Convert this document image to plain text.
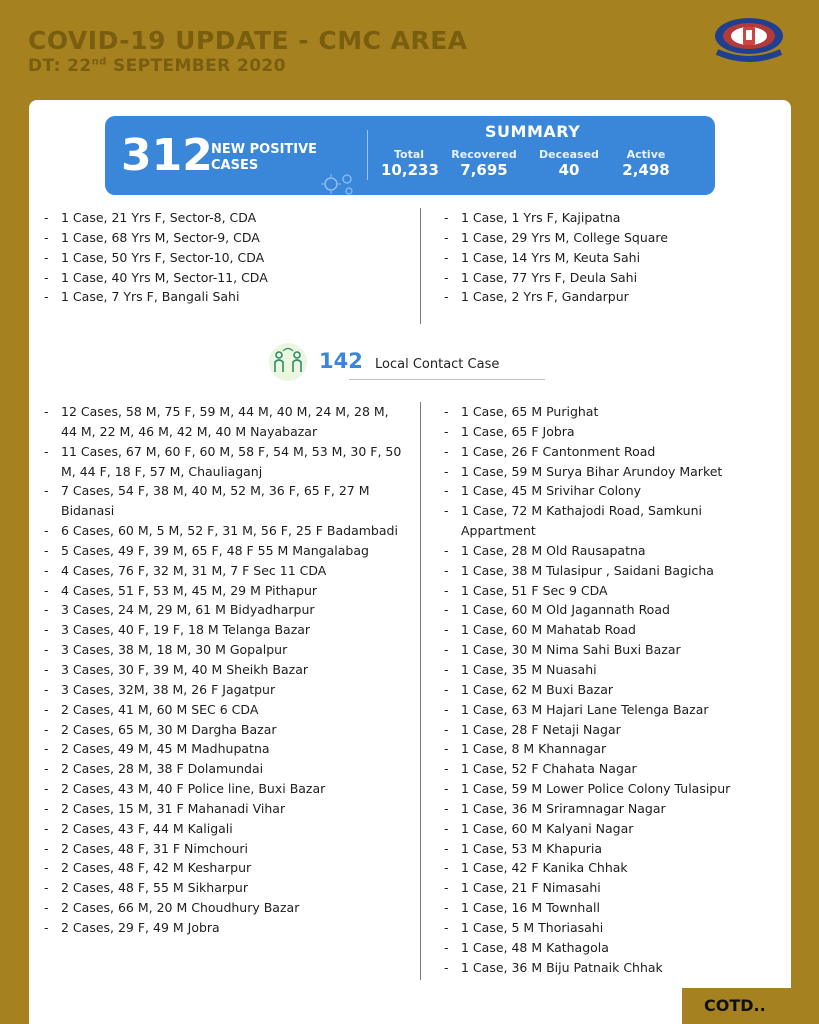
COVID-19 UPDATE - CMC AREA
DT: 22nd SEPTEMBER 2020
312
NEW POSITIVE
CASES
SUMMARY
Total
10,233
Recovered
7,695
Deceased
40
Active
2,498
- 1 Case, 21 Yrs F, Sector-8, CDA
- 1 Case, 68 Yrs M, Sector-9, CDA
- 1 Case, 50 Yrs F, Sector-10, CDA
- 1 Case, 40 Yrs M, Sector-11, CDA
- 1 Case, 7 Yrs F, Bangali Sahi
- 1 Case, 1 Yrs F, Kajipatna
- 1 Case, 29 Yrs M, College Square
- 1 Case, 14 Yrs M, Keuta Sahi
- 1 Case, 77 Yrs F, Deula Sahi
- 1 Case, 2 Yrs F, Gandarpur
142 Local Contact Case
- 12 Cases, 58 M, 75 F, 59 M, 44 M, 40 M, 24 M, 28 M, 44 M, 22 M, 46 M, 42 M, 40 M Nayabazar
- 11 Cases, 67 M, 60 F, 60 M, 58 F, 54 M, 53 M, 30 F, 50 M, 44 F, 18 F, 57 M, Chauliaganj
- 7 Cases, 54 F, 38 M, 40 M, 52 M, 36 F, 65 F, 27 M Bidanasi
- 6 Cases, 60 M, 5 M, 52 F, 31 M, 56 F, 25 F Badambadi
- 5 Cases, 49 F, 39 M, 65 F, 48 F 55 M Mangalabag
- 4 Cases, 76 F, 32 M, 31 M, 7 F Sec 11 CDA
- 4 Cases, 51 F, 53 M, 45 M, 29 M Pithapur
- 3 Cases, 24 M, 29 M, 61 M Bidyadharpur
- 3 Cases, 40 F, 19 F, 18 M Telanga Bazar
- 3 Cases, 38 M, 18 M, 30 M Gopalpur
- 3 Cases, 30 F, 39 M, 40 M Sheikh Bazar
- 3 Cases, 32M, 38 M, 26 F Jagatpur
- 2 Cases, 41 M, 60 M SEC 6 CDA
- 2 Cases, 65 M, 30 M Dargha Bazar
- 2 Cases, 49 M, 45 M Madhupatna
- 2 Cases, 28 M, 38 F Dolamundai
- 2 Cases, 43 M, 40 F Police line, Buxi Bazar
- 2 Cases, 15 M, 31 F Mahanadi Vihar
- 2 Cases, 43 F, 44 M Kaligali
- 2 Cases, 48 F, 31 F Nimchouri
- 2 Cases, 48 F, 42 M Kesharpur
- 2 Cases, 48 F, 55 M Sikharpur
- 2 Cases, 66 M, 20 M Choudhury Bazar
- 2 Cases, 29 F, 49 M Jobra
- 1 Case, 65 M Purighat
- 1 Case, 65 F Jobra
- 1 Case, 26 F Cantonment Road
- 1 Case, 59 M Surya Bihar Arundoy Market
- 1 Case, 45 M Srivihar Colony
- 1 Case, 72 M Kathajodi Road, Samkuni Appartment
- 1 Case, 28 M Old Rausapatna
- 1 Case, 38 M Tulasipur , Saidani Bagicha
- 1 Case, 51 F Sec 9 CDA
- 1 Case, 60 M Old Jagannath Road
- 1 Case, 60 M Mahatab Road
- 1 Case, 30 M Nima Sahi Buxi Bazar
- 1 Case, 35 M Nuasahi
- 1 Case, 62 M Buxi Bazar
- 1 Case, 63 M Hajari Lane Telenga Bazar
- 1 Case, 28 F Netaji Nagar
- 1 Case, 8 M Khannagar
- 1 Case, 52 F Chahata Nagar
- 1 Case, 59 M Lower Police Colony Tulasipur
- 1 Case, 36 M Sriramnagar Nagar
- 1 Case, 60 M Kalyani Nagar
- 1 Case, 53 M Khapuria
- 1 Case, 42 F Kanika Chhak
- 1 Case, 21 F Nimasahi
- 1 Case, 16 M Townhall
- 1 Case, 5 M Thoriasahi
- 1 Case, 48 M Kathagola
- 1 Case, 36 M Biju Patnaik Chhak
COTD..
